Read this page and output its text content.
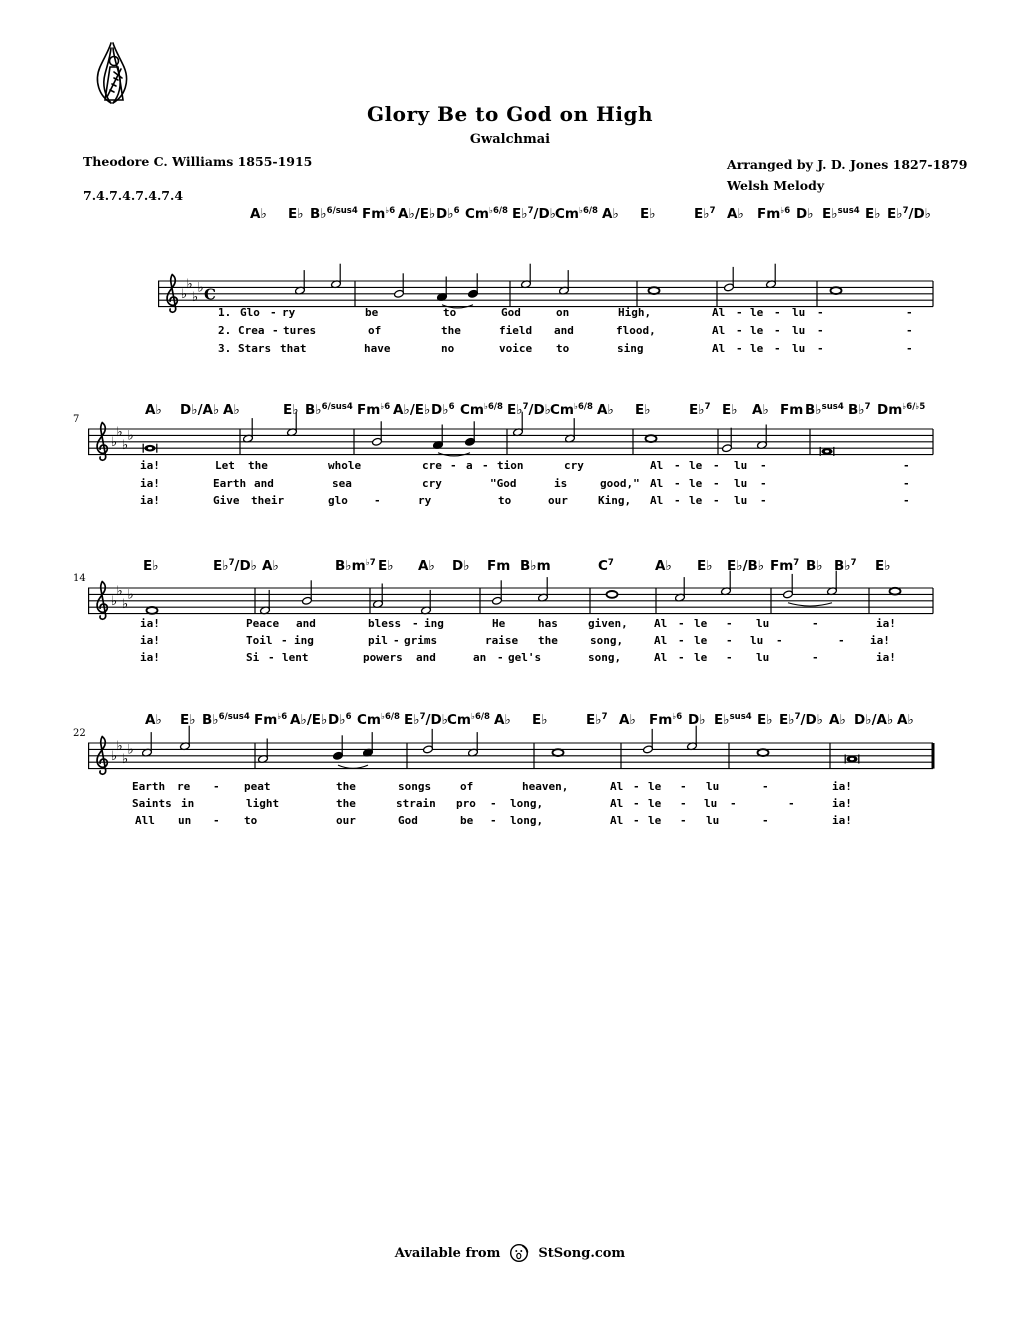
Glory Be to God on High
Gwalchmai
Theodore C. Williams 1855-1915	Arranged by J. D. Jones 1827-1879
Welsh Melody
7.4.7.4.7.4.7.4
A♭ E♭ B♭$^{6/sus4}$ $Fm^{♭6}$ A♭/E♭ D♭$^6$ $Cm^{♭6/8}$ E♭$^7$/D♭
$Cm^{♭6/8}$ A♭ E♭	E♭$^7$ A♭ $Fm^{♭6}$ D♭ E♭$^{sus4}$ E♭ E♭$^7$/D♭
A♭ D♭/A♭ A♭	E♭ B♭$^{6/sus4}$ $Fm^{♭6}$ A♭/E♭ D♭$^6$ $Cm^{♭6/8}$ E♭$^7$/D♭
$Cm^{♭6/8}$ A♭ E♭	E♭$^7$ E♭ A♭ Fm B♭$^{sus4}$ B♭$^7$ $Dm^{♭6/♭5}$
E♭	E♭$^7$/D♭ A♭	$B♭m^{♭7}$ E♭ A♭ D♭ Fm B♭m	$C^7$	A♭ E♭ E♭/B♭ Fm$^7$ B♭ B♭$^7$ E♭
A♭ E♭ B♭$^{6/sus4}$ $Fm^{♭6}$ A♭/E♭ D♭$^6$ $Cm^{♭6/8}$ E♭$^7$/D♭
$Cm^{♭6/8}$ A♭ E♭	E♭$^7$ A♭ $Fm^{♭6}$ D♭ E♭$^{sus4}$ E♭ E♭$^7$/D♭ A♭ D♭/A♭ A♭
♭
♭
♭
♭ C
♭
♭
♭
♭
7
♭
♭
♭
♭
14
♭
♭
♭
♭
22
1. Glo - ry	be	to	God	on	High,	Al - le - lu -	-
2. Crea - tures	of	the	field and	flood,	Al - le - lu -	-
3. Stars that	have	no	voice to	sing	Al - le - lu -	-
ia!	Let the	whole	cre - a - tion	cry	Al - le - lu -	-
ia!	Earth and	sea	cry	"God	is	good," Al - le - lu -	-
ia!	Give their	glo -	ry	to	our	King, Al - le - lu -	-
ia!	Peace and	bless - ing	He	has	given, Al - le - lu	-	ia!
ia!	Toil - ing	pil - grims	raise the	song,	Al - le - lu -	- ia!
ia!	Si - lent	powers and	an - gel's	song,	Al - le - lu	-	ia!
Earth re - peat	the	songs	of	heaven,	Al - le - lu	-	ia!
Saints in	light	the	strain pro - long,	Al - le - lu -	-	ia!
All un - to	our	God	be - long,	Al - le - lu	-	ia!
Available from	StSong.com
